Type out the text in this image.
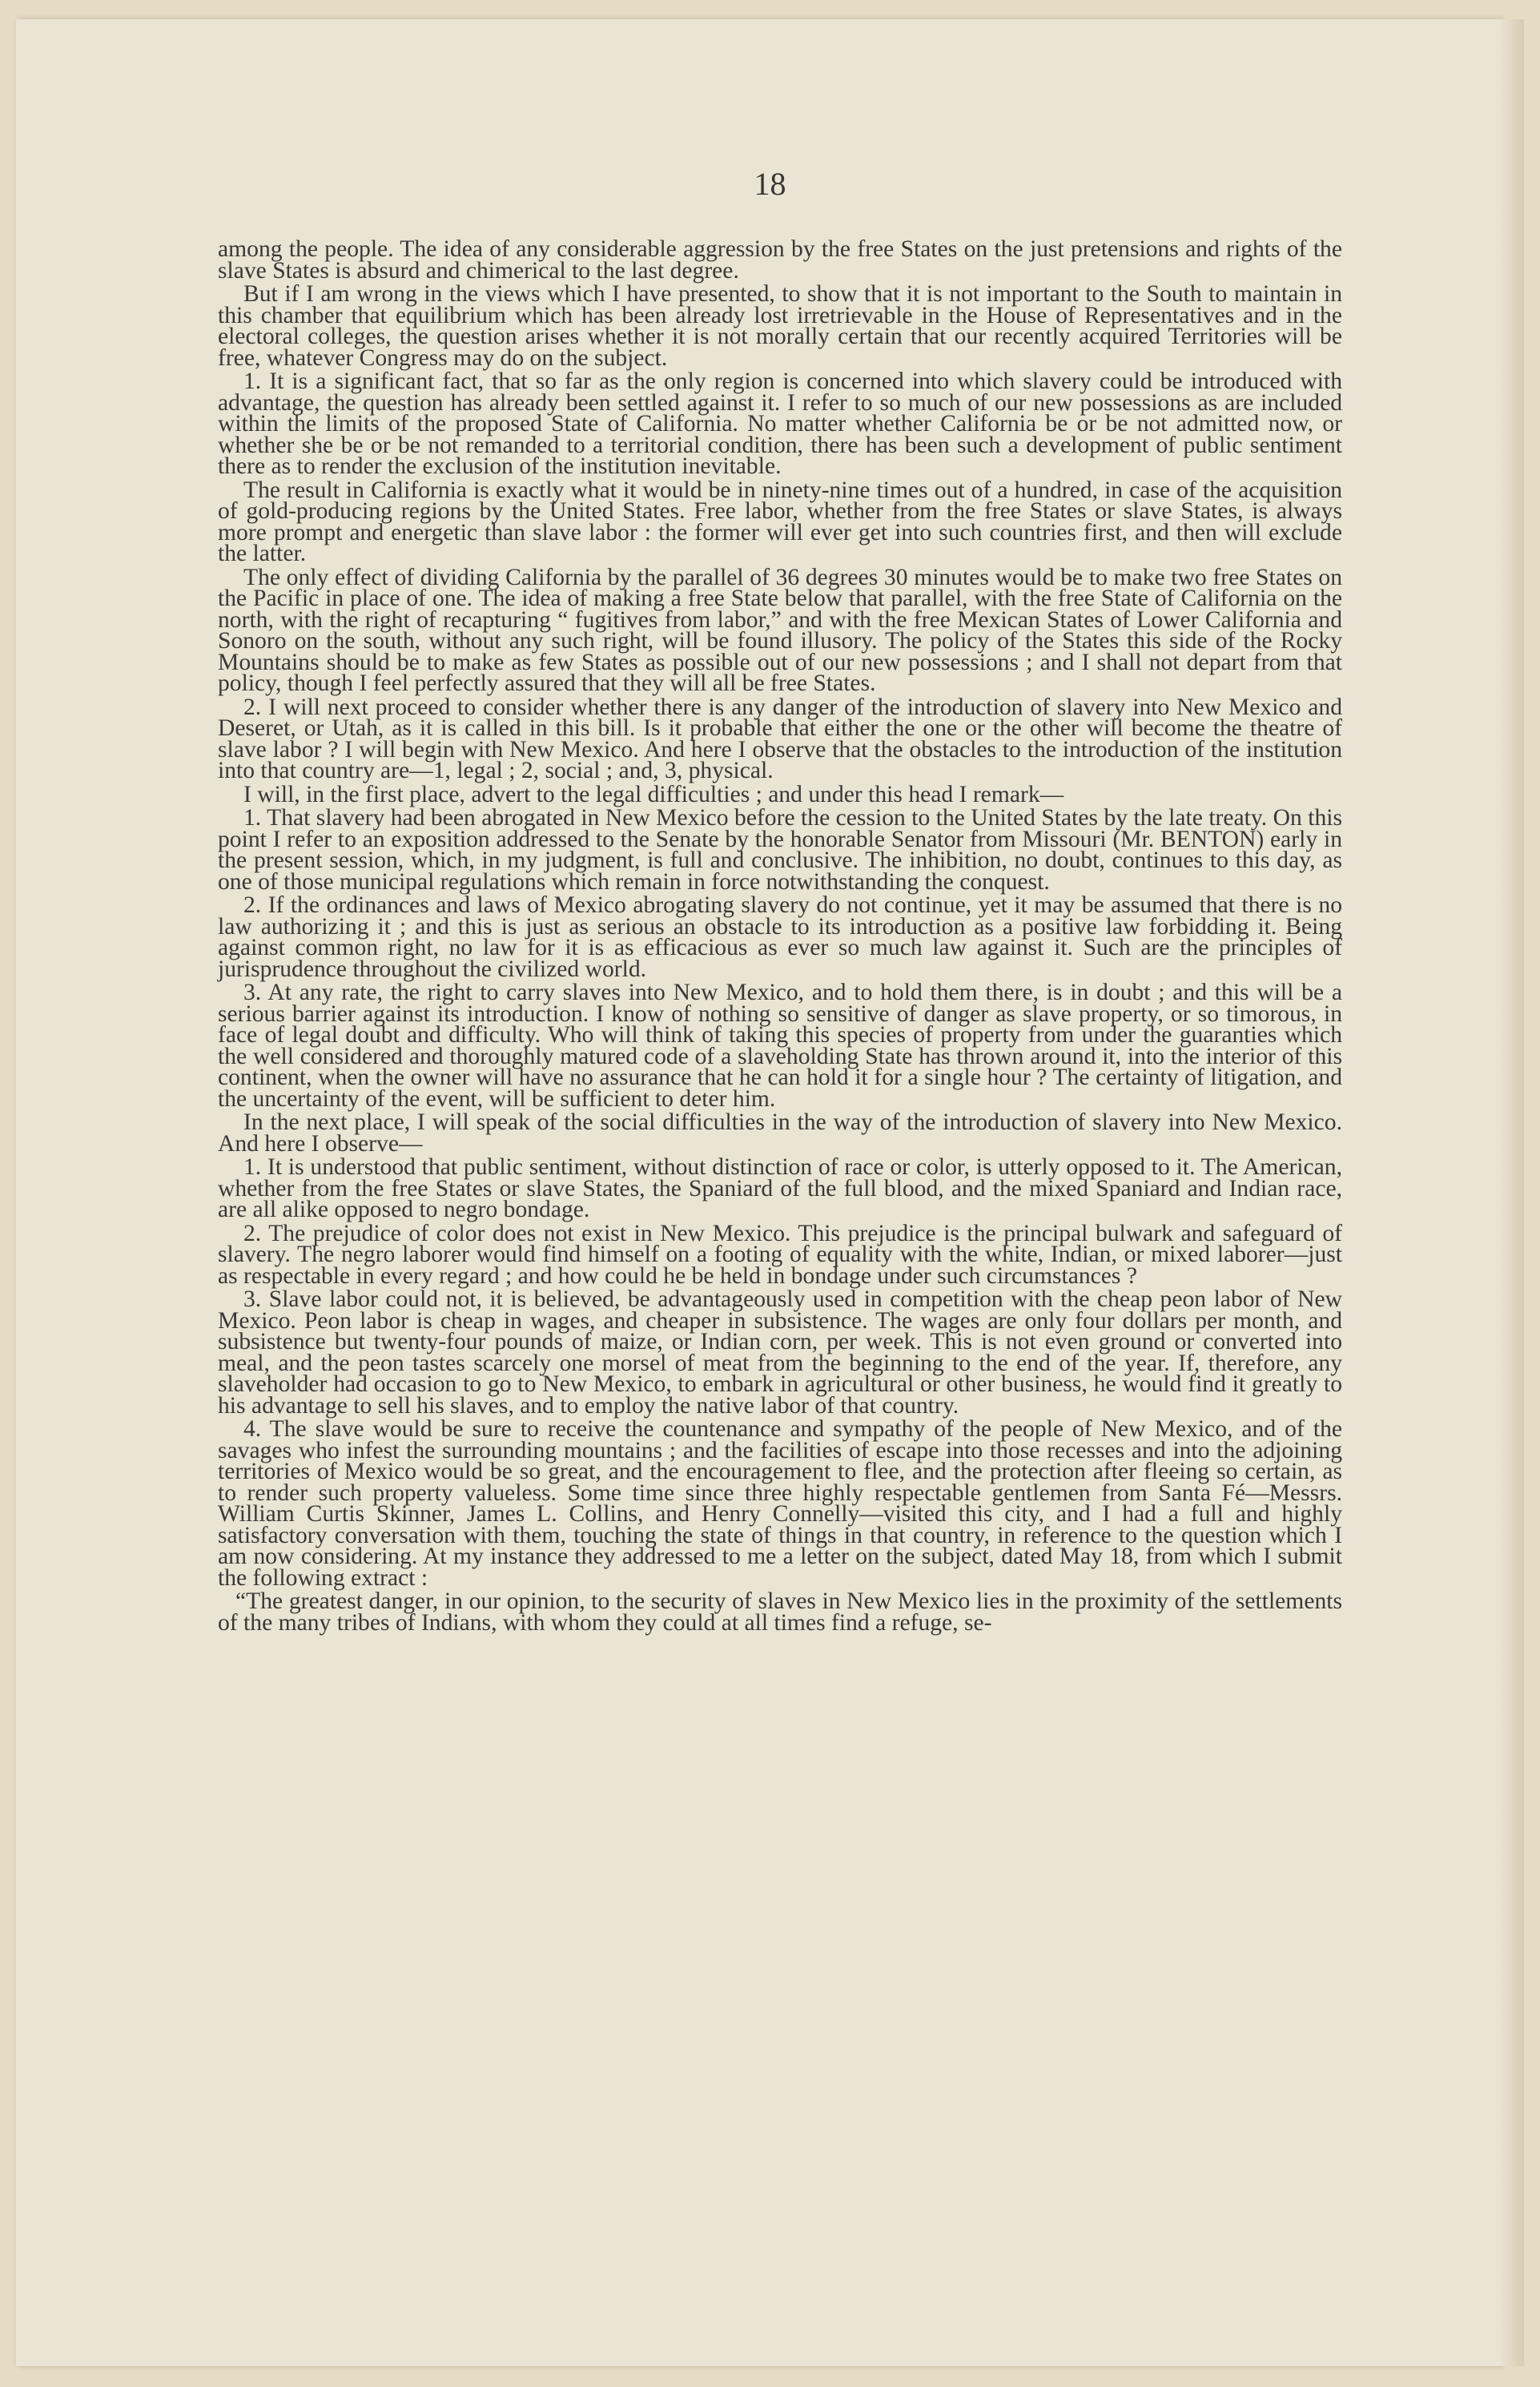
18

among the people. The idea of any considerable aggression by the free States on the just pretensions and rights of the slave States is absurd and chimerical to the last degree.

But if I am wrong in the views which I have presented, to show that it is not important to the South to maintain in this chamber that equilibrium which has been already lost irretrievable in the House of Representatives and in the electoral colleges, the question arises whether it is not morally certain that our recently acquired Territories will be free, whatever Congress may do on the subject.

1. It is a significant fact, that so far as the only region is concerned into which slavery could be introduced with advantage, the question has already been settled against it. I refer to so much of our new possessions as are included within the limits of the proposed State of California. No matter whether California be or be not admitted now, or whether she be or be not remanded to a territorial condition, there has been such a development of public sentiment there as to render the exclusion of the institution inevitable.

The result in California is exactly what it would be in ninety-nine times out of a hundred, in case of the acquisition of gold-producing regions by the United States. Free labor, whether from the free States or slave States, is always more prompt and energetic than slave labor : the former will ever get into such countries first, and then will exclude the latter.

The only effect of dividing California by the parallel of 36 degrees 30 minutes would be to make two free States on the Pacific in place of one. The idea of making a free State below that parallel, with the free State of California on the north, with the right of recapturing “ fugitives from labor,” and with the free Mexican States of Lower California and Sonoro on the south, without any such right, will be found illusory. The policy of the States this side of the Rocky Mountains should be to make as few States as possible out of our new possessions ; and I shall not depart from that policy, though I feel perfectly assured that they will all be free States.

2. I will next proceed to consider whether there is any danger of the introduction of slavery into New Mexico and Deseret, or Utah, as it is called in this bill. Is it probable that either the one or the other will become the theatre of slave labor ? I will begin with New Mexico. And here I observe that the obstacles to the introduction of the institution into that country are—1, legal ; 2, social ; and, 3, physical.

I will, in the first place, advert to the legal difficulties ; and under this head I remark—

1. That slavery had been abrogated in New Mexico before the cession to the United States by the late treaty. On this point I refer to an exposition addressed to the Senate by the honorable Senator from Missouri (Mr. BENTON) early in the present session, which, in my judgment, is full and conclusive. The inhibition, no doubt, continues to this day, as one of those municipal regulations which remain in force notwithstanding the conquest.

2. If the ordinances and laws of Mexico abrogating slavery do not continue, yet it may be assumed that there is no law authorizing it ; and this is just as serious an obstacle to its introduction as a positive law forbidding it. Being against common right, no law for it is as efficacious as ever so much law against it. Such are the principles of jurisprudence throughout the civilized world.

3. At any rate, the right to carry slaves into New Mexico, and to hold them there, is in doubt ; and this will be a serious barrier against its introduction. I know of nothing so sensitive of danger as slave property, or so timorous, in face of legal doubt and difficulty. Who will think of taking this species of property from under the guaranties which the well considered and thoroughly matured code of a slaveholding State has thrown around it, into the interior of this continent, when the owner will have no assurance that he can hold it for a single hour ? The certainty of litigation, and the uncertainty of the event, will be sufficient to deter him.

In the next place, I will speak of the social difficulties in the way of the introduction of slavery into New Mexico. And here I observe—

1. It is understood that public sentiment, without distinction of race or color, is utterly opposed to it. The American, whether from the free States or slave States, the Spaniard of the full blood, and the mixed Spaniard and Indian race, are all alike opposed to negro bondage.

2. The prejudice of color does not exist in New Mexico. This prejudice is the principal bulwark and safeguard of slavery. The negro laborer would find himself on a footing of equality with the white, Indian, or mixed laborer—just as respectable in every regard ; and how could he be held in bondage under such circumstances ?

3. Slave labor could not, it is believed, be advantageously used in competition with the cheap peon labor of New Mexico. Peon labor is cheap in wages, and cheaper in subsistence. The wages are only four dollars per month, and subsistence but twenty-four pounds of maize, or Indian corn, per week. This is not even ground or converted into meal, and the peon tastes scarcely one morsel of meat from the beginning to the end of the year. If, therefore, any slaveholder had occasion to go to New Mexico, to embark in agricultural or other business, he would find it greatly to his advantage to sell his slaves, and to employ the native labor of that country.

4. The slave would be sure to receive the countenance and sympathy of the people of New Mexico, and of the savages who infest the surrounding mountains ; and the facilities of escape into those recesses and into the adjoining territories of Mexico would be so great, and the encouragement to flee, and the protection after fleeing so certain, as to render such property valueless. Some time since three highly respectable gentlemen from Santa Fé—Messrs. William Curtis Skinner, James L. Collins, and Henry Connelly—visited this city, and I had a full and highly satisfactory conversation with them, touching the state of things in that country, in reference to the question which I am now considering. At my instance they addressed to me a letter on the subject, dated May 18, from which I submit the following extract :

“The greatest danger, in our opinion, to the security of slaves in New Mexico lies in the proximity of the settlements of the many tribes of Indians, with whom they could at all times find a refuge, se-
